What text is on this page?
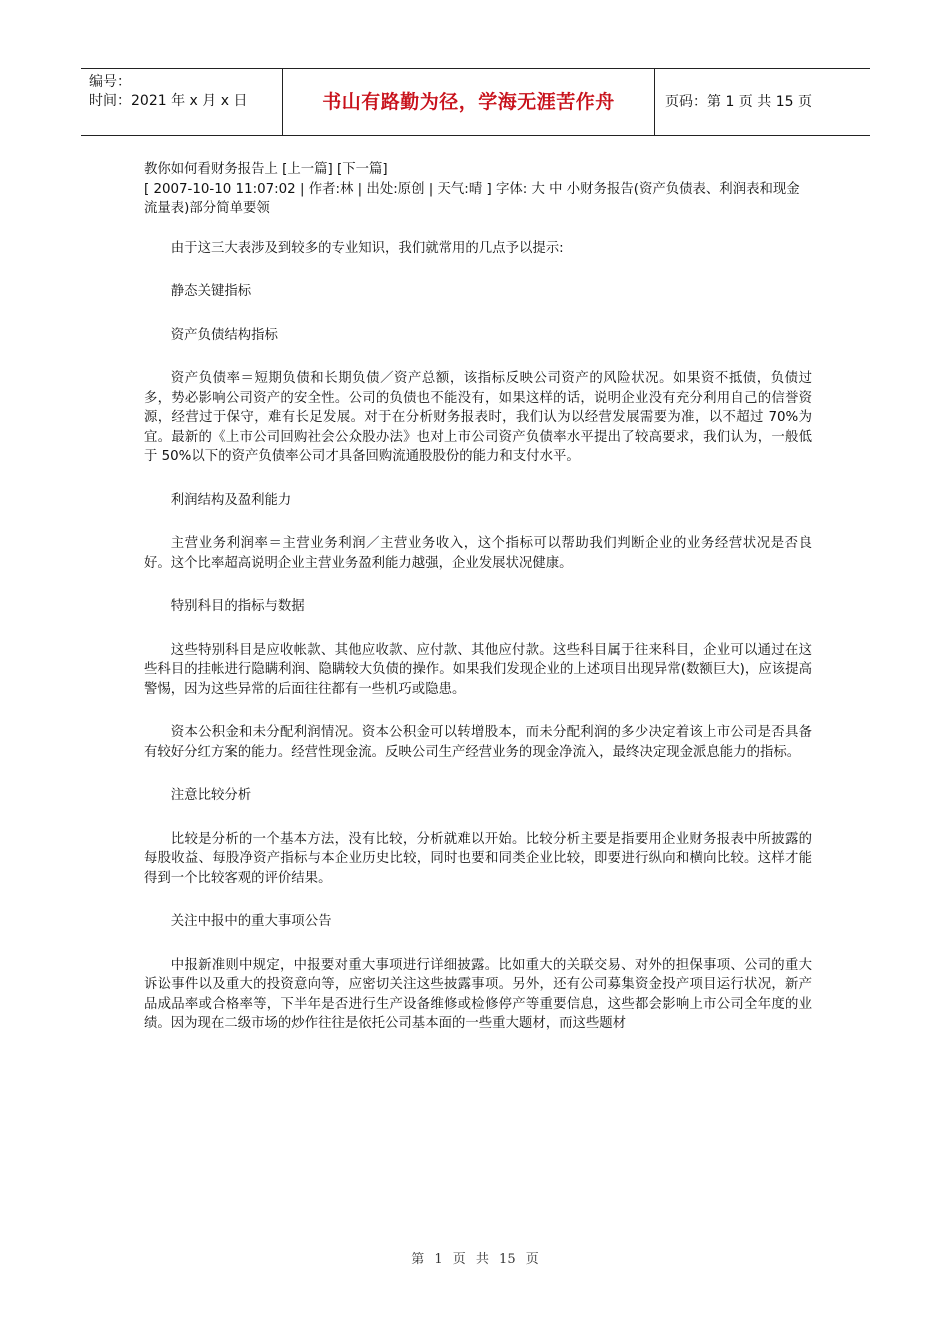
编号：
时间：2021 年 x 月 x 日	书山有路勤为径，学海无涯苦作舟	页码：第 1 页 共 15 页

教你如何看财务报告上 [上一篇] [下一篇]

[ 2007-10-10 11:07:02 | 作者:林 | 出处:原创 | 天气:晴 ] 字体: 大 中 小财务报告(资产负债表、利润表和现金流量表)部分简单要领

由于这三大表涉及到较多的专业知识，我们就常用的几点予以提示:

静态关键指标

资产负债结构指标

资产负债率＝短期负债和长期负债／资产总额，该指标反映公司资产的风险状况。如果资不抵债，负债过多，势必影响公司资产的安全性。公司的负债也不能没有，如果这样的话，说明企业没有充分利用自己的信誉资源，经营过于保守，难有长足发展。对于在分析财务报表时，我们认为以经营发展需要为准，以不超过 70%为宜。最新的《上市公司回购社会公众股办法》也对上市公司资产负债率水平提出了较高要求，我们认为，一般低于 50%以下的资产负债率公司才具备回购流通股股份的能力和支付水平。

利润结构及盈利能力

主营业务利润率＝主营业务利润／主营业务收入，这个指标可以帮助我们判断企业的业务经营状况是否良好。这个比率超高说明企业主营业务盈利能力越强，企业发展状况健康。

特别科目的指标与数据

这些特别科目是应收帐款、其他应收款、应付款、其他应付款。这些科目属于往来科目，企业可以通过在这些科目的挂帐进行隐瞒利润、隐瞒较大负债的操作。如果我们发现企业的上述项目出现异常(数额巨大)，应该提高警惕，因为这些异常的后面往往都有一些机巧或隐患。

资本公积金和未分配利润情况。资本公积金可以转增股本，而未分配利润的多少决定着该上市公司是否具备有较好分红方案的能力。经营性现金流。反映公司生产经营业务的现金净流入，最终决定现金派息能力的指标。

注意比较分析

比较是分析的一个基本方法，没有比较，分析就难以开始。比较分析主要是指要用企业财务报表中所披露的每股收益、每股净资产指标与本企业历史比较，同时也要和同类企业比较，即要进行纵向和横向比较。这样才能得到一个比较客观的评价结果。

关注中报中的重大事项公告

中报新准则中规定，中报要对重大事项进行详细披露。比如重大的关联交易、对外的担保事项、公司的重大诉讼事件以及重大的投资意向等，应密切关注这些披露事项。另外，还有公司募集资金投产项目运行状况，新产品成品率或合格率等，下半年是否进行生产设备维修或检修停产等重要信息，这些都会影响上市公司全年度的业绩。因为现在二级市场的炒作往往是依托公司基本面的一些重大题材，而这些题材

第 1 页 共 15 页
